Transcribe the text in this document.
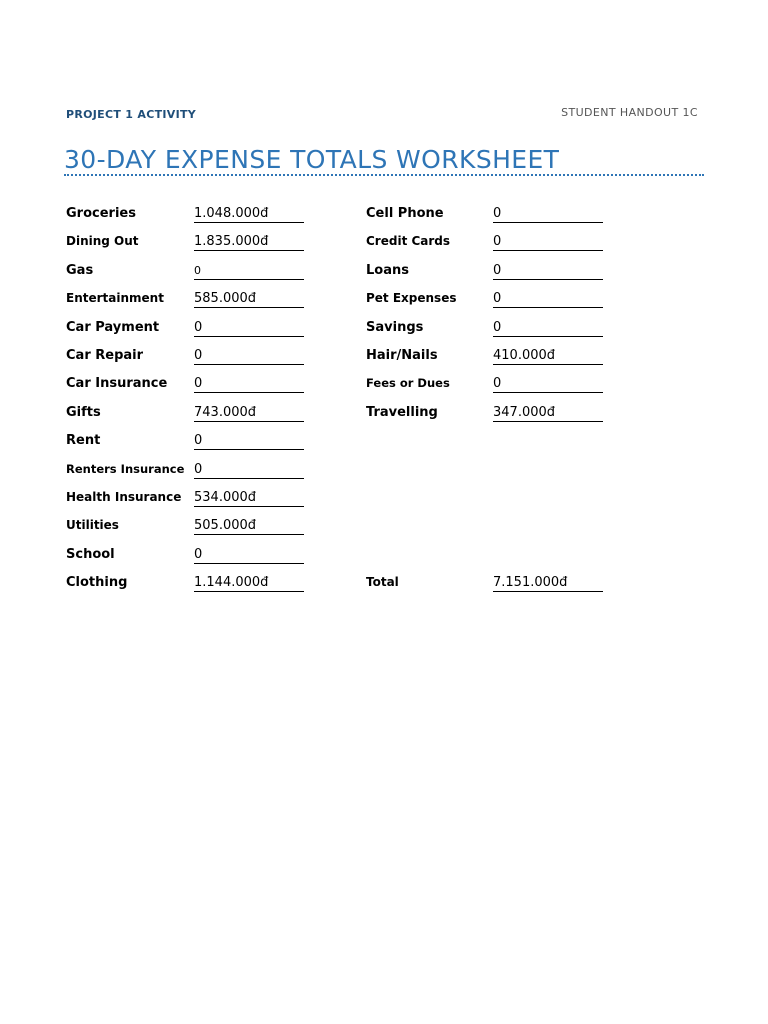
PROJECT 1 ACTIVITY	STUDENT HANDOUT 1C
30-DAY EXPENSE TOTALS WORKSHEET
Groceries	1.048.000đ
Dining Out	1.835.000đ
Gas	0
Entertainment 585.000đ
Car Payment	0
Car Repair	0
Car Insurance 0
Gifts	743.000đ
Rent	0
Renters Insurance 0
Health Insurance 534.000đ
Utilities	505.000đ
School	0
Clothing	1.144.000đ
Cell Phone	0
Credit Cards	0
Loans	0
Pet Expenses	0
Savings	0
Hair/Nails	410.000đ
Fees or Dues	0
Travelling	347.000đ
Total	7.151.000đ
